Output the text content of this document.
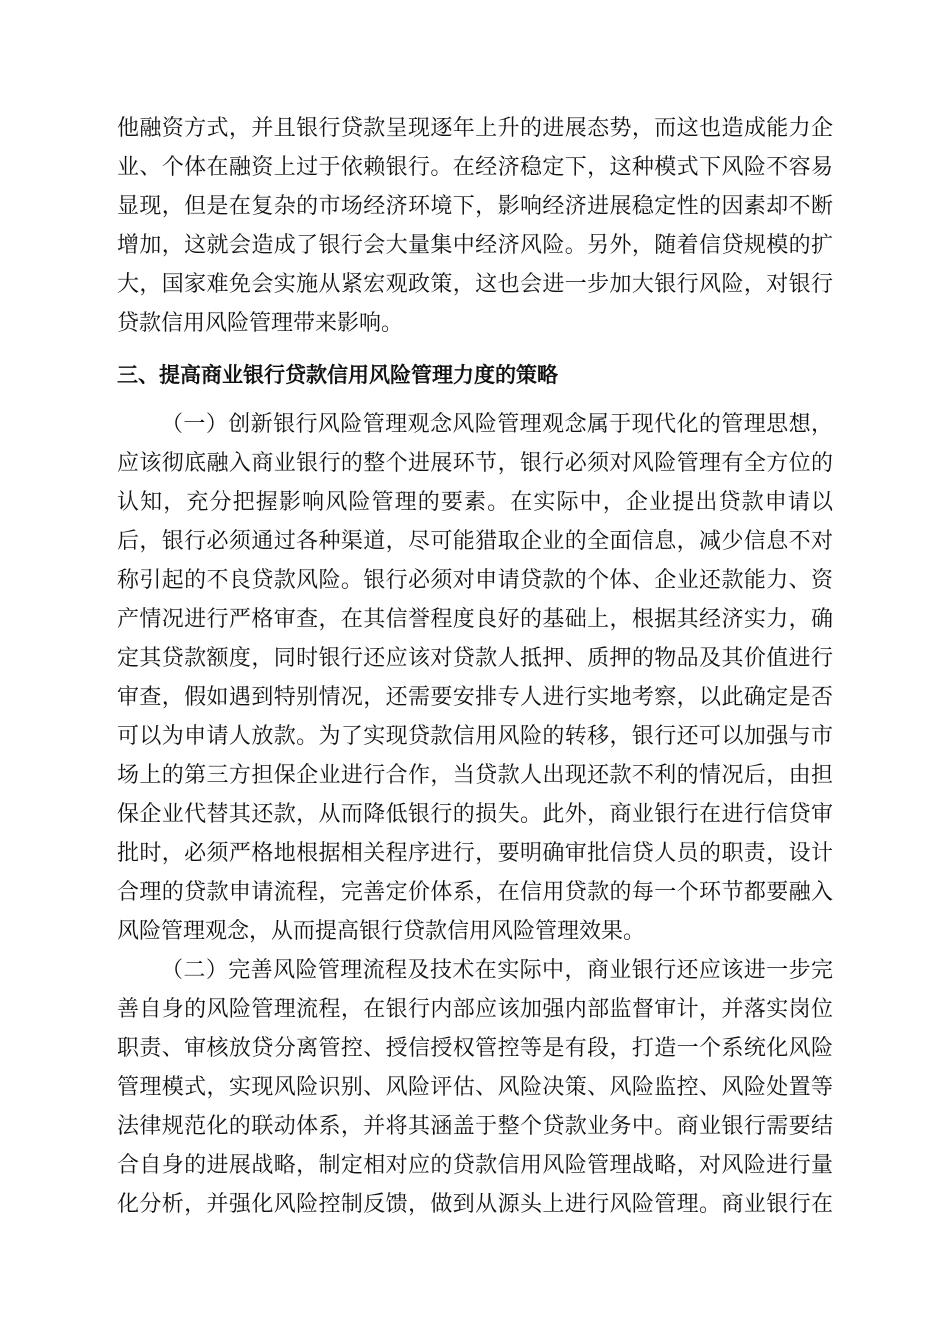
他融资方式，并且银行贷款呈现逐年上升的进展态势，而这也造成能力企
业、个体在融资上过于依赖银行。在经济稳定下，这种模式下风险不容易
显现，但是在复杂的市场经济环境下，影响经济进展稳定性的因素却不断
增加，这就会造成了银行会大量集中经济风险。另外，随着信贷规模的扩
大，国家难免会实施从紧宏观政策，这也会进一步加大银行风险，对银行
贷款信用风险管理带来影响。
三、提高商业银行贷款信用风险管理力度的策略
（一）创新银行风险管理观念风险管理观念属于现代化的管理思想，
应该彻底融入商业银行的整个进展环节，银行必须对风险管理有全方位的
认知，充分把握影响风险管理的要素。在实际中，企业提出贷款申请以
后，银行必须通过各种渠道，尽可能猎取企业的全面信息，减少信息不对
称引起的不良贷款风险。银行必须对申请贷款的个体、企业还款能力、资
产情况进行严格审查，在其信誉程度良好的基础上，根据其经济实力，确
定其贷款额度，同时银行还应该对贷款人抵押、质押的物品及其价值进行
审查，假如遇到特别情况，还需要安排专人进行实地考察，以此确定是否
可以为申请人放款。为了实现贷款信用风险的转移，银行还可以加强与市
场上的第三方担保企业进行合作，当贷款人出现还款不利的情况后，由担
保企业代替其还款，从而降低银行的损失。此外，商业银行在进行信贷审
批时，必须严格地根据相关程序进行，要明确审批信贷人员的职责，设计
合理的贷款申请流程，完善定价体系，在信用贷款的每一个环节都要融入
风险管理观念，从而提高银行贷款信用风险管理效果。
（二）完善风险管理流程及技术在实际中，商业银行还应该进一步完
善自身的风险管理流程，在银行内部应该加强内部监督审计，并落实岗位
职责、审核放贷分离管控、授信授权管控等是有段，打造一个系统化风险
管理模式，实现风险识别、风险评估、风险决策、风险监控、风险处置等
法律规范化的联动体系，并将其涵盖于整个贷款业务中。商业银行需要结
合自身的进展战略，制定相对应的贷款信用风险管理战略，对风险进行量
化分析，并强化风险控制反馈，做到从源头上进行风险管理。商业银行在
